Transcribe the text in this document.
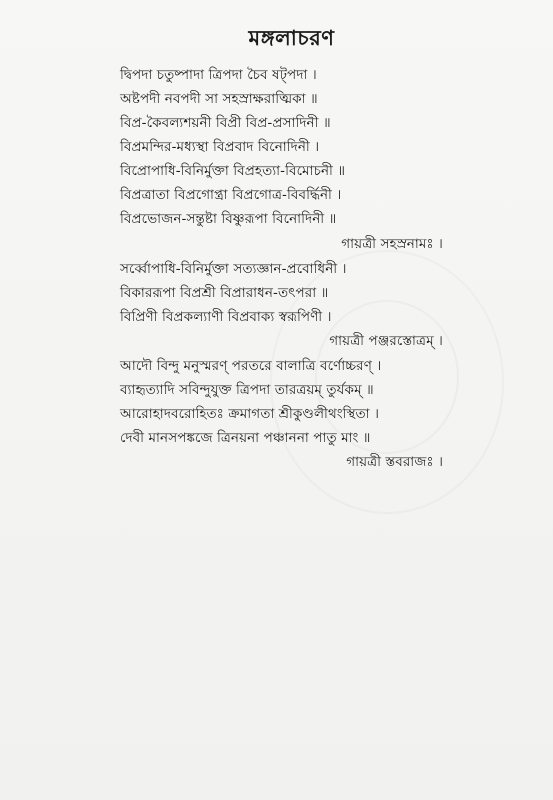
মঙ্গলাচরণ
দ্বিপদা চতুষ্পাদা ত্রিপদা চৈব ষট্পদা ।
অষ্টপদী নবপদী সা সহস্রাক্ষরাত্মিকা ॥
বিপ্র-কৈবল্যশয়নী বিপ্রী বিপ্র-প্রসাদিনী ॥
বিপ্রমন্দির-মধ্যস্থা বিপ্রবাদ বিনোদিনী ।
বিপ্রোপাধি-বিনির্মুক্তা বিপ্রহত্যা-বিমোচনী ॥
বিপ্রত্রাতা বিপ্রগোপ্ত্রা বিপ্রগোত্র-বিবর্দ্ধিনী ।
বিপ্রভোজন-সন্তুষ্টা বিষ্ণুরূপা বিনোদিনী ॥
গায়ত্রী সহস্রনামঃ ।
সর্ব্বোপাধি-বিনির্মুক্তা সত্যজ্ঞান-প্রবোধিনী ।
বিকাররূপা বিপ্রশ্রী বিপ্রারাধন-তৎপরা ॥
বিপ্রিণী বিপ্রকল্যাণী বিপ্রবাক্য স্বরূপিণী ।
গায়ত্রী পঞ্জরস্তোত্রম্ ।
আদৌ বিন্দু মনুস্মরণ্ পরতরে বালাত্রি বর্ণোচ্চরণ্ ।
ব্যাহৃত্যাদি সবিন্দুযুক্ত ত্রিপদা তারত্রয়ম্ তুর্যকম্ ॥
আরোহাদবরোহিতঃ ক্রমাগতা শ্রীকুণ্ডলীথংস্থিতা ।
দেবী মানসপঙ্কজে ত্রিনয়না পঞ্চাননা পাতু মাং ॥
গায়ত্রী স্তবরাজঃ ।
